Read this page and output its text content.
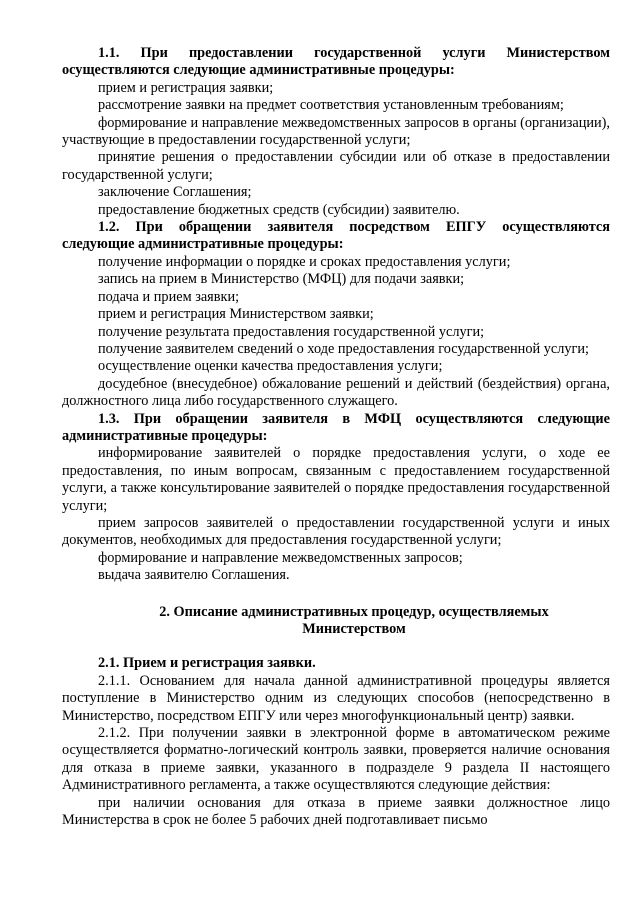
1.1. При предоставлении государственной услуги Министерством осуществляются следующие административные процедуры:

прием и регистрация заявки;

рассмотрение заявки на предмет соответствия установленным требованиям;

формирование и направление межведомственных запросов в органы (организации), участвующие в предоставлении государственной услуги;

принятие решения о предоставлении субсидии или об отказе в предоставлении государственной услуги;

заключение Соглашения;

предоставление бюджетных средств (субсидии) заявителю.

1.2. При обращении заявителя посредством ЕПГУ осуществляются следующие административные процедуры:

получение информации о порядке и сроках предоставления услуги;

запись на прием в Министерство (МФЦ) для подачи заявки;

подача и прием заявки;

прием и регистрация Министерством заявки;

получение результата предоставления государственной услуги;

получение заявителем сведений о ходе предоставления государственной услуги;

осуществление оценки качества предоставления услуги;

досудебное (внесудебное) обжалование решений и действий (бездействия) органа, должностного лица либо государственного служащего.

1.3. При обращении заявителя в МФЦ осуществляются следующие административные процедуры:

информирование заявителей о порядке предоставления услуги, о ходе ее предоставления, по иным вопросам, связанным с предоставлением государственной услуги, а также консультирование заявителей о порядке предоставления государственной услуги;

прием запросов заявителей о предоставлении государственной услуги и иных документов, необходимых для предоставления государственной услуги;

формирование и направление межведомственных запросов;

выдача заявителю Соглашения.

2. Описание административных процедур, осуществляемых

Министерством

2.1. Прием и регистрация заявки.

2.1.1. Основанием для начала данной административной процедуры является поступление в Министерство одним из следующих способов (непосредственно в Министерство, посредством ЕПГУ или через многофункциональный центр) заявки.

2.1.2. При получении заявки в электронной форме в автоматическом режиме осуществляется форматно-логический контроль заявки, проверяется наличие основания для отказа в приеме заявки, указанного в подразделе 9 раздела II настоящего Административного регламента, а также осуществляются следующие действия:

при наличии основания для отказа в приеме заявки должностное лицо Министерства в срок не более 5 рабочих дней подготавливает письмо
